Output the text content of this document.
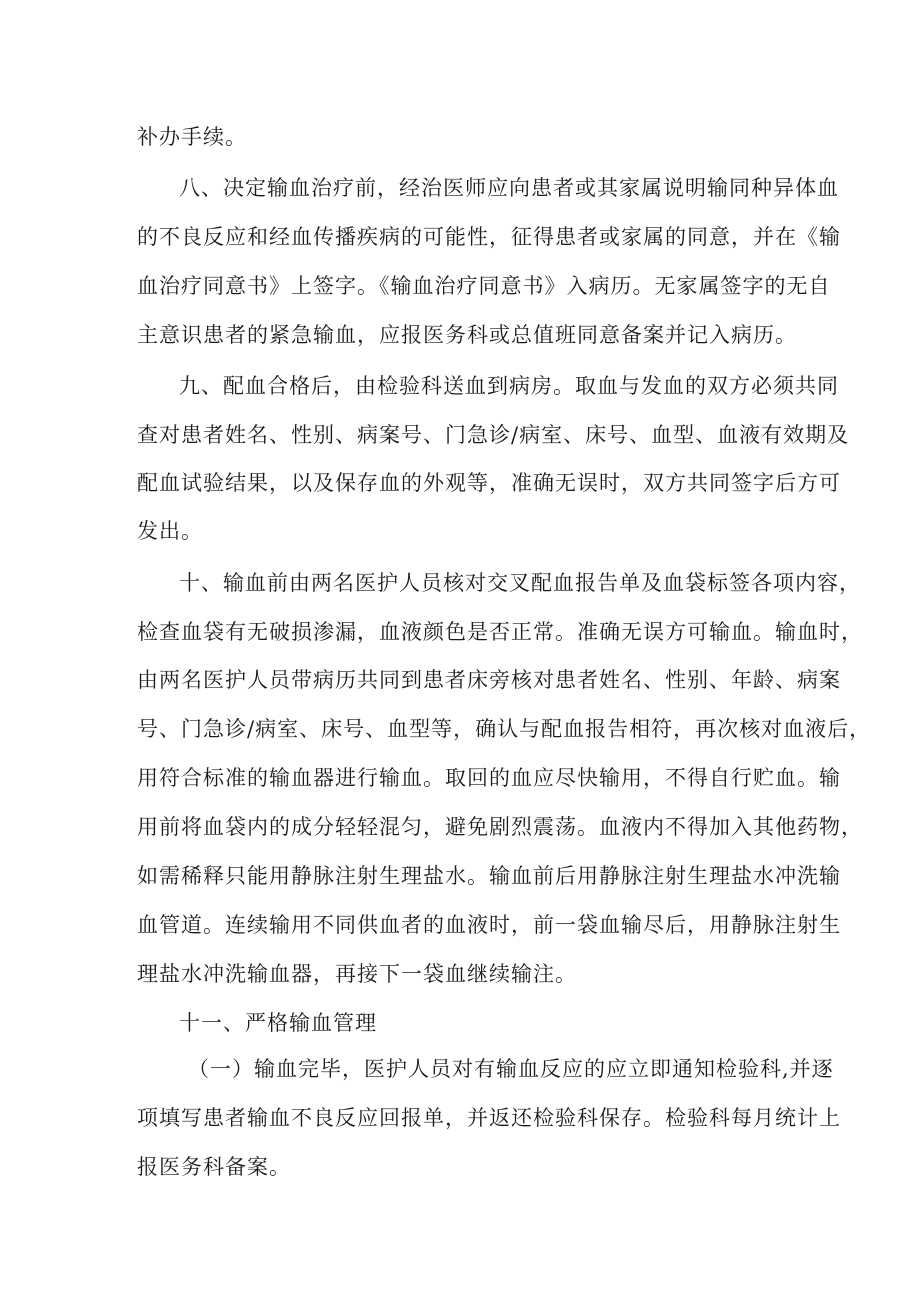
补办手续。
八、决定输血治疗前，经治医师应向患者或其家属说明输同种异体血
的不良反应和经血传播疾病的可能性，征得患者或家属的同意，并在《输
血治疗同意书》上签字。《输血治疗同意书》入病历。无家属签字的无自
主意识患者的紧急输血，应报医务科或总值班同意备案并记入病历。
九、配血合格后，由检验科送血到病房。取血与发血的双方必须共同
查对患者姓名、性别、病案号、门急诊/病室、床号、血型、血液有效期及
配血试验结果，以及保存血的外观等，准确无误时，双方共同签字后方可
发出。
十、输血前由两名医护人员核对交叉配血报告单及血袋标签各项内容，
检查血袋有无破损渗漏，血液颜色是否正常。准确无误方可输血。输血时，
由两名医护人员带病历共同到患者床旁核对患者姓名、性别、年龄、病案
号、门急诊/病室、床号、血型等，确认与配血报告相符，再次核对血液后，
用符合标准的输血器进行输血。取回的血应尽快输用，不得自行贮血。输
用前将血袋内的成分轻轻混匀，避免剧烈震荡。血液内不得加入其他药物，
如需稀释只能用静脉注射生理盐水。输血前后用静脉注射生理盐水冲洗输
血管道。连续输用不同供血者的血液时，前一袋血输尽后，用静脉注射生
理盐水冲洗输血器，再接下一袋血继续输注。
十一、严格输血管理
（一）输血完毕，医护人员对有输血反应的应立即通知检验科,并逐
项填写患者输血不良反应回报单，并返还检验科保存。检验科每月统计上
报医务科备案。
